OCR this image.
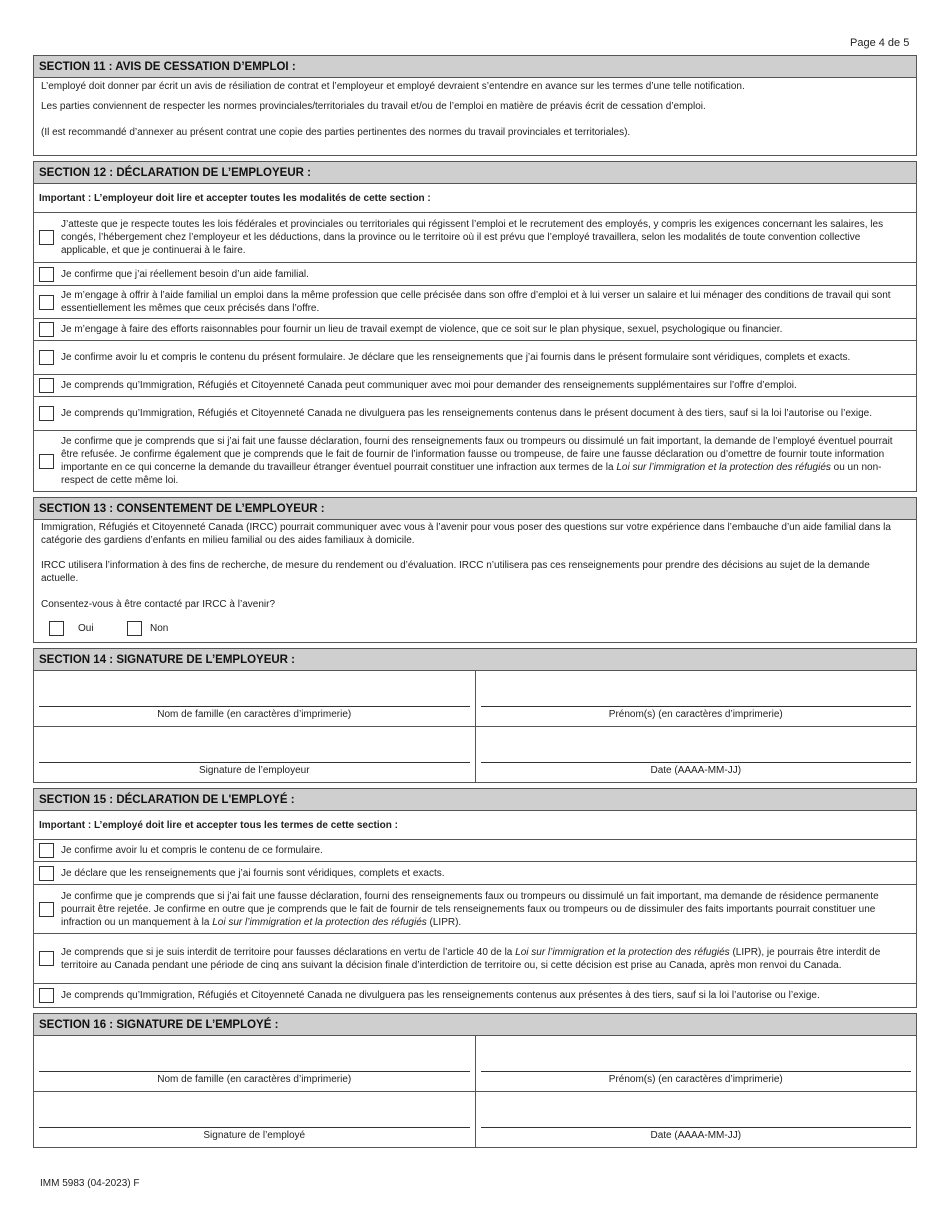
Page 4 de 5
SECTION 11 : AVIS DE CESSATION D’EMPLOI :
L’employé doit donner par écrit un avis de résiliation de contrat et l’employeur et employé devraient s’entendre en avance sur les termes d’une telle notification.
Les parties conviennent de respecter les normes provinciales/territoriales du travail et/ou de l’emploi en matière de préavis écrit de cessation d’emploi.
(Il est recommandé d’annexer au présent contrat une copie des parties pertinentes des normes du travail provinciales et territoriales).
SECTION 12 : DÉCLARATION DE L’EMPLOYEUR :
Important : L’employeur doit lire et accepter toutes les modalités de cette section :
J’atteste que je respecte toutes les lois fédérales et provinciales ou territoriales qui régissent l’emploi et le recrutement des employés, y compris les exigences concernant les salaires, les congés, l’hébergement chez l’employeur et les déductions, dans la province ou le territoire où il est prévu que l’employé travaillera, selon les modalités de toute convention collective applicable, et que je continuerai à le faire.
Je confirme que j’ai réellement besoin d’un aide familial.
Je m’engage à offrir à l’aide familial un emploi dans la même profession que celle précisée dans son offre d’emploi et à lui verser un salaire et lui ménager des conditions de travail qui sont essentiellement les mêmes que ceux précisés dans l’offre.
Je m’engage à faire des efforts raisonnables pour fournir un lieu de travail exempt de violence, que ce soit sur le plan physique, sexuel, psychologique ou financier.
Je confirme avoir lu et compris le contenu du présent formulaire. Je déclare que les renseignements que j’ai fournis dans le présent formulaire sont véridiques, complets et exacts.
Je comprends qu’Immigration, Réfugiés et Citoyenneté Canada peut communiquer avec moi pour demander des renseignements supplémentaires sur l’offre d’emploi.
Je comprends qu’Immigration, Réfugiés et Citoyenneté Canada ne divulguera pas les renseignements contenus dans le présent document à des tiers, sauf si la loi l’autorise ou l’exige.
Je confirme que je comprends que si j’ai fait une fausse déclaration, fourni des renseignements faux ou trompeurs ou dissimulé un fait important, la demande de l’employé éventuel pourrait être refusée. Je confirme également que je comprends que le fait de fournir de l’information fausse ou trompeuse, de faire une fausse déclaration ou d’omettre de fournir toute information importante en ce qui concerne la demande du travailleur étranger éventuel pourrait constituer une infraction aux termes de la Loi sur l’immigration et la protection des réfugiés ou un non-respect de cette même loi.
SECTION 13 : CONSENTEMENT DE L’EMPLOYEUR :
Immigration, Réfugiés et Citoyenneté Canada (IRCC) pourrait communiquer avec vous à l’avenir pour vous poser des questions sur votre expérience dans l’embauche d’un aide familial dans la catégorie des gardiens d’enfants en milieu familial ou des aides familiaux à domicile.
IRCC utilisera l’information à des fins de recherche, de mesure du rendement ou d’évaluation. IRCC n’utilisera pas ces renseignements pour prendre des décisions au sujet de la demande actuelle.
Consentez-vous à être contacté par IRCC à l’avenir?
Oui	Non
SECTION 14 : SIGNATURE DE L’EMPLOYEUR :
Nom de famille (en caractères d’imprimerie)	Prénom(s) (en caractères d’imprimerie)
Signature de l’employeur	Date (AAAA-MM-JJ)
SECTION 15 : DÉCLARATION DE L'EMPLOYÉ :
Important : L’employé doit lire et accepter tous les termes de cette section :
Je confirme avoir lu et compris le contenu de ce formulaire.
Je déclare que les renseignements que j’ai fournis sont véridiques, complets et exacts.
Je confirme que je comprends que si j’ai fait une fausse déclaration, fourni des renseignements faux ou trompeurs ou dissimulé un fait important, ma demande de résidence permanente pourrait être rejetée. Je confirme en outre que je comprends que le fait de fournir de tels renseignements faux ou trompeurs ou de dissimuler des faits importants pourrait constituer une infraction ou un manquement à la Loi sur l’immigration et la protection des réfugiés (LIPR).
Je comprends que si je suis interdit de territoire pour fausses déclarations en vertu de l’article 40 de la Loi sur l’immigration et la protection des réfugiés (LIPR), je pourrais être interdit de territoire au Canada pendant une période de cinq ans suivant la décision finale d’interdiction de territoire ou, si cette décision est prise au Canada, après mon renvoi du Canada.
Je comprends qu’Immigration, Réfugiés et Citoyenneté Canada ne divulguera pas les renseignements contenus aux présentes à des tiers, sauf si la loi l’autorise ou l’exige.
SECTION 16 : SIGNATURE DE L’EMPLOYÉ :
Nom de famille (en caractères d’imprimerie)	Prénom(s) (en caractères d’imprimerie)
Signature de l’employé	Date (AAAA-MM-JJ)
IMM 5983 (04-2023) F
